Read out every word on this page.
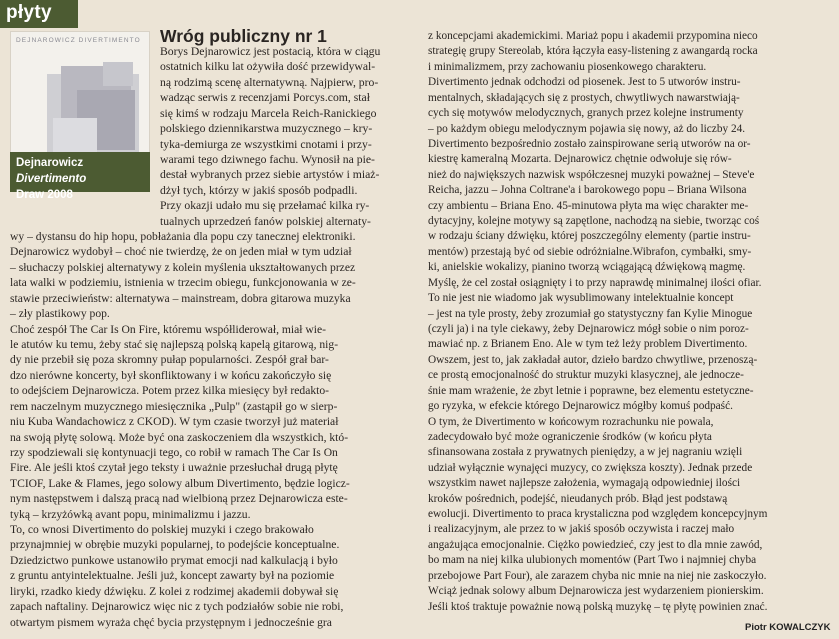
płyty
DEJNAROWICZ DIVERTIMENTO
Dejnarowicz Divertimento
Draw 2008
Wróg publiczny nr 1
Borys Dejnarowicz jest postacią, która w ciągu
ostatnich kilku lat ożywiła dość przewidywal-
ną rodzimą scenę alternatywną. Najpierw, pro-
wadząc serwis z recenzjami Porcys.com, stał
się kimś w rodzaju Marcela Reich-Ranickiego
polskiego dziennikarstwa muzycznego – kry-
tyka-demiurga ze wszystkimi cnotami i przy-
warami tego dziwnego fachu. Wynosił na pie-
destał wybranych przez siebie artystów i miaż-
dżył tych, którzy w jakiś sposób podpadli.
Przy okazji udało mu się przełamać kilka ry-
tualnych uprzedzeń fanów polskiej alternaty-
wy – dystansu do hip hopu, pobłażania dla popu czy tanecznej elektroniki.
Dejnarowicz wydobył – choć nie twierdzę, że on jeden miał w tym udział
– słuchaczy polskiej alternatywy z kolein myślenia ukształtowanych przez
lata walki w podziemiu, istnienia w trzecim obiegu, funkcjonowania w ze-
stawie przeciwieństw: alternatywa – mainstream, dobra gitarowa muzyka
– zły plastikowy pop.
Choć zespół The Car Is On Fire, któremu współliderował, miał wie-
le atutów ku temu, żeby stać się najlepszą polską kapelą gitarową, nig-
dy nie przebił się poza skromny pułap popularności. Zespół grał bar-
dzo nierówne koncerty, był skonfliktowany i w końcu zakończyło się
to odejściem Dejnarowicza. Potem przez kilka miesięcy był redakto-
rem naczelnym muzycznego miesięcznika „Pulp" (zastąpił go w sierp-
niu Kuba Wandachowicz z CKOD). W tym czasie tworzył już materiał
na swoją płytę solową. Może być ona zaskoczeniem dla wszystkich, któ-
rzy spodziewali się kontynuacji tego, co robił w ramach The Car Is On
Fire. Ale jeśli ktoś czytał jego teksty i uważnie przesłuchał drugą płytę
TCIOF, Lake & Flames, jego solowy album Divertimento, będzie logicz-
nym następstwem i dalszą pracą nad wielbioną przez Dejnarowicza este-
tyką – krzyżówką avant popu, minimalizmu i jazzu.
To, co wnosi Divertimento do polskiej muzyki i czego brakowało
przynajmniej w obrębie muzyki popularnej, to podejście konceptualne.
Dziedzictwo punkowe ustanowiło prymat emocji nad kalkulacją i było
z gruntu antyintelektualne. Jeśli już, koncept zawarty był na poziomie
liryki, rzadko kiedy dźwięku. Z kolei z rodzimej akademii dobywał się
zapach naftaliny. Dejnarowicz więc nic z tych podziałów sobie nie robi,
otwartym pismem wyraża chęć bycia przystępnym i jednocześnie gra
z koncepcjami akademickimi. Mariaż popu i akademii przypomina nieco
strategię grupy Stereolab, która łączyła easy-listening z awangardą rocka
i minimalizmem, przy zachowaniu piosenkowego charakteru.
Divertimento jednak odchodzi od piosenek. Jest to 5 utworów instru-
mentalnych, składających się z prostych, chwytliwych nawarstwiają-
cych się motywów melodycznych, granych przez kolejne instrumenty
– po każdym obiegu melodycznym pojawia się nowy, aż do liczby 24.
Divertimento bezpośrednio zostało zainspirowane serią utworów na or-
kiestrę kameralną Mozarta. Dejnarowicz chętnie odwołuje się rów-
nież do największych nazwisk współczesnej muzyki poważnej – Steve'e
Reicha, jazzu – Johna Coltrane'a i barokowego popu – Briana Wilsona
czy ambientu – Briana Eno. 45-minutowa płyta ma więc charakter me-
dytacyjny, kolejne motywy są zapętlone, nachodzą na siebie, tworząc coś
w rodzaju ściany dźwięku, której poszczególny elementy (partie instru-
mentów) przestają być od siebie odróżnialne.Wibrafon, cymbałki, smy-
ki, anielskie wokalizy, pianino tworzą wciągającą dźwiękową magmę.
Myślę, że cel został osiągnięty i to przy naprawdę minimalnej ilości ofiar.
To nie jest nie wiadomo jak wysublimowany intelektualnie koncept
– jest na tyle prosty, żeby zrozumiał go statystyczny fan Kylie Minogue
(czyli ja) i na tyle ciekawy, żeby Dejnarowicz mógł sobie o nim poroz-
mawiać np. z Brianem Eno. Ale w tym też leży problem Divertimento.
Owszem, jest to, jak zakładał autor, dzieło bardzo chwytliwe, przenoszą-
ce prostą emocjonalność do struktur muzyki klasycznej, ale jednocze-
śnie mam wrażenie, że zbyt letnie i poprawne, bez elementu estetyczne-
go ryzyka, w efekcie którego Dejnarowicz mógłby komuś podpaść.
O tym, że Divertimento w końcowym rozrachunku nie powala,
zadecydowało być może ograniczenie środków (w końcu płyta
sfinansowana została z prywatnych pieniędzy, a w jej nagraniu wzięli
udział wyłącznie wynajęci muzycy, co zwiększa koszty). Jednak przede
wszystkim nawet najlepsze założenia, wymagają odpowiedniej ilości
kroków pośrednich, podejść, nieudanych prób. Błąd jest podstawą
ewolucji. Divertimento to praca krystaliczna pod względem koncepcyjnym
i realizacyjnym, ale przez to w jakiś sposób oczywista i raczej mało
angażująca emocjonalnie. Ciężko powiedzieć, czy jest to dla mnie zawód,
bo mam na niej kilka ulubionych momentów (Part Two i najmniej chyba
przebojowe Part Four), ale zarazem chyba nic mnie na niej nie zaskoczyło.
Wciąż jednak solowy album Dejnarowicza jest wydarzeniem pionierskim.
Jeśli ktoś traktuje poważnie nową polską muzykę – tę płytę powinien znać.
Piotr KOWALCZYK
